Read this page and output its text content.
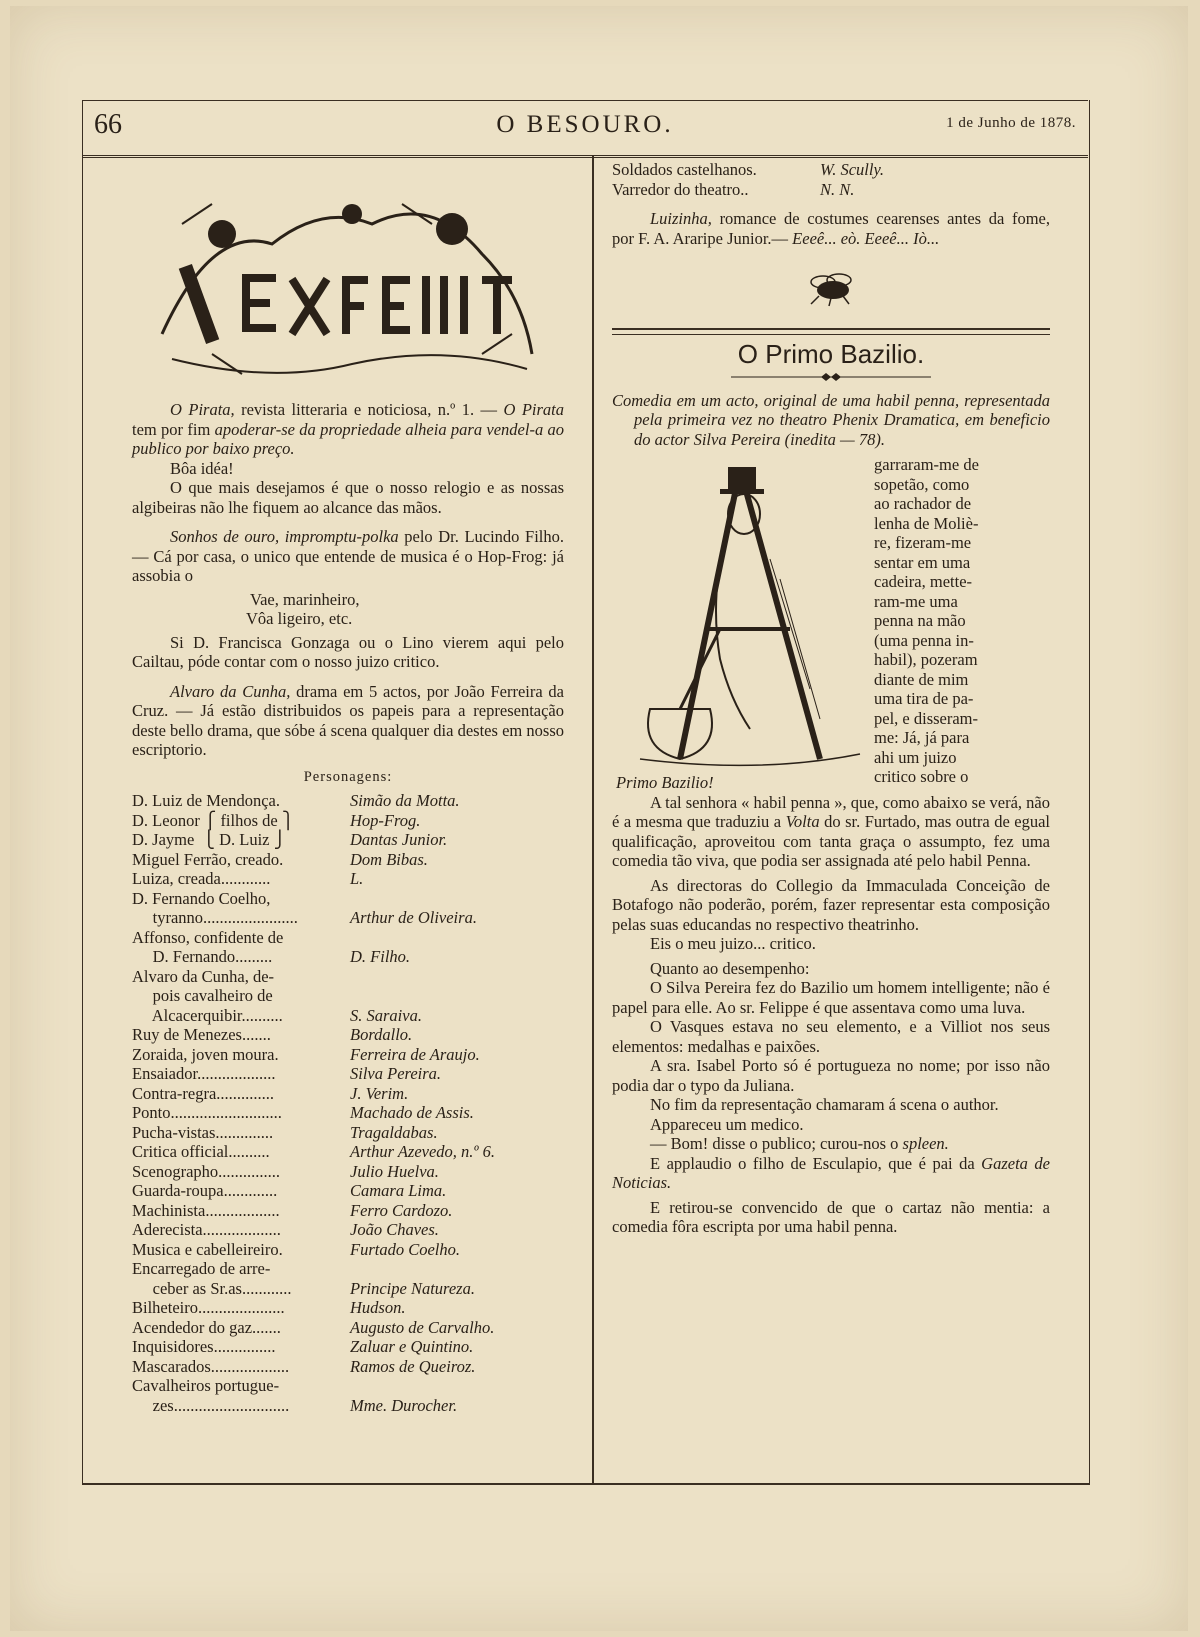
66	O BESOURO.	1 de Junho de 1878.

O Pirata, revista litteraria e noticiosa, n.º 1. — O Pirata tem por fim apoderar-se da propriedade alheia para vendel-a ao publico por baixo preço.

Bôa idéa!

O que mais desejamos é que o nosso relogio e as nossas algibeiras não lhe fiquem ao alcance das mãos.

Sonhos de ouro, impromptu-polka pelo Dr. Lucindo Filho. — Cá por casa, o unico que entende de musica é o Hop-Frog: já assobia o

Vae, marinheiro,
Vôa ligeiro, etc.

Si D. Francisca Gonzaga ou o Lino vierem aqui pelo Cailtau, póde contar com o nosso juizo critico.

Alvaro da Cunha, drama em 5 actos, por João Ferreira da Cruz. — Já estão distribuidos os papeis para a representação deste bello drama, que sóbe á scena qualquer dia destes em nosso escriptorio.

Personagens:
D. Luiz de Mendonça.	Simão da Motta.
D. Leonor ⎧ filhos de ⎫	Hop-Frog.
D. Jayme  ⎩ D. Luiz ⎭	Dantas Junior.
Miguel Ferrão, creado.	Dom Bibas.
Luiza, creada............	L.
D. Fernando Coelho,
tyranno.......................	Arthur de Oliveira.
Affonso, confidente de
D. Fernando.........	D. Filho.
Alvaro da Cunha, de-
pois cavalheiro de
Alcacerquibir..........	S. Saraiva.
Ruy de Menezes.......	Bordallo.
Zoraida, joven moura.	Ferreira de Araujo.
Ensaiador...................	Silva Pereira.
Contra-regra..............	J. Verim.
Ponto...........................	Machado de Assis.
Pucha-vistas..............	Tragaldabas.
Critica official..........	Arthur Azevedo, n.º 6.
Scenographo...............	Julio Huelva.
Guarda-roupa.............	Camara Lima.
Machinista..................	Ferro Cardozo.
Aderecista...................	João Chaves.
Musica e cabelleireiro.	Furtado Coelho.
Encarregado de arre-
ceber as Sr.as............	Principe Natureza.
Bilheteiro.....................	Hudson.
Acendedor do gaz.......	Augusto de Carvalho.
Inquisidores...............	Zaluar e Quintino.
Mascarados...................	Ramos de Queiroz.
Cavalheiros portugue-
zes............................	Mme. Durocher.
Soldados castelhanos.	W. Scully.
Varredor do theatro..	N. N.

Luizinha, romance de costumes cearenses antes da fome, por F. A. Araripe Junior.— Eeeê... eò. Eeeê... Iò...

O Primo Bazilio.

Comedia em um acto, original de uma habil penna, representada pela primeira vez no theatro Phenix Dramatica, em beneficio do actor Silva Pereira (inedita — 78).

garraram-me de
sopetão, como
ao rachador de
lenha de Moliè-
re, fizeram-me
sentar em uma
cadeira, mette-
ram-me uma
penna na mão
(uma penna in-
habil), pozeram
diante de mim
uma tira de pa-
pel, e disseram-
me: Já, já para
ahi um juizo
critico sobre o

Primo Bazilio!

A tal senhora « habil penna », que, como abaixo se verá, não é a mesma que traduziu a Volta do sr. Furtado, mas outra de egual qualificação, aproveitou com tanta graça o assumpto, fez uma comedia tão viva, que podia ser assignada até pelo habil Penna.

As directoras do Collegio da Immaculada Conceição de Botafogo não poderão, porém, fazer representar esta composição pelas suas educandas no respectivo theatrinho.

Eis o meu juizo... critico.

Quanto ao desempenho:

O Silva Pereira fez do Bazilio um homem intelligente; não é papel para elle. Ao sr. Felippe é que assentava como uma luva.

O Vasques estava no seu elemento, e a Villiot nos seus elementos: medalhas e paixões.

A sra. Isabel Porto só é portugueza no nome; por isso não podia dar o typo da Juliana.

No fim da representação chamaram á scena o author.

Appareceu um medico.

— Bom! disse o publico; curou-nos o spleen.

E applaudio o filho de Esculapio, que é pai da Gazeta de Noticias.

E retirou-se convencido de que o cartaz não mentia: a comedia fôra escripta por uma habil penna.
